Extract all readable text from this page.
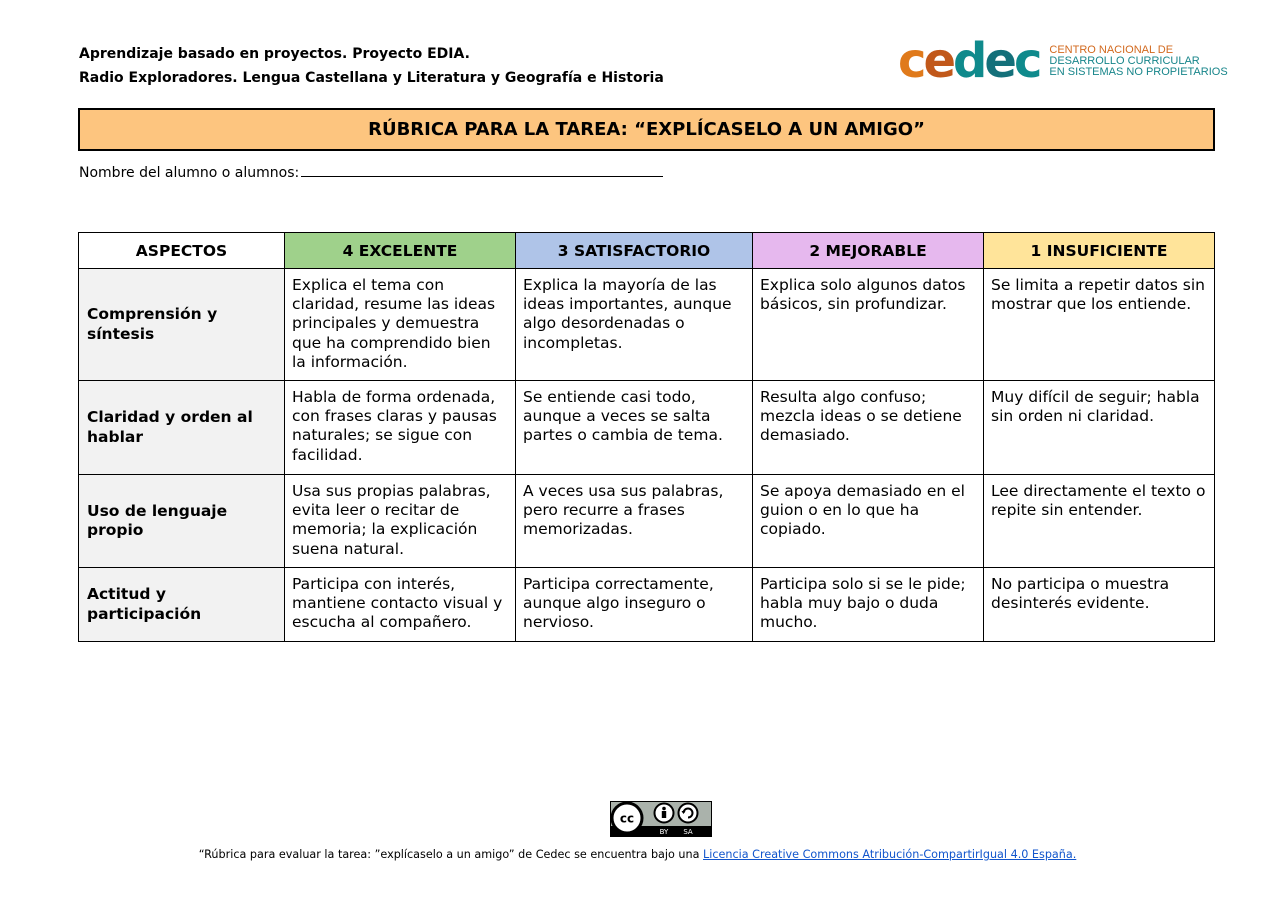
Aprendizaje basado en proyectos. Proyecto EDIA.
Radio Exploradores. Lengua Castellana y Literatura y Geografía e Historia	cedec CENTRO NACIONAL DE
DESARROLLO CURRICULAR
EN SISTEMAS NO PROPIETARIOS
RÚBRICA PARA LA TAREA: “EXPLÍCASELO A UN AMIGO”
Nombre del alumno o alumnos:
ASPECTOS	4 EXCELENTE	3 SATISFACTORIO	2 MEJORABLE	1 INSUFICIENTE
Comprensión y síntesis	Explica el tema con claridad, resume las ideas principales y demuestra que ha comprendido bien la información.	Explica la mayoría de las ideas importantes, aunque algo desordenadas o incompletas.	Explica solo algunos datos básicos, sin profundizar.	Se limita a repetir datos sin mostrar que los entiende.
Claridad y orden al hablar	Habla de forma ordenada, con frases claras y pausas naturales; se sigue con facilidad.	Se entiende casi todo, aunque a veces se salta partes o cambia de tema.	Resulta algo confuso; mezcla ideas o se detiene demasiado.	Muy difícil de seguir; habla sin orden ni claridad.
Uso de lenguaje propio	Usa sus propias palabras, evita leer o recitar de memoria; la explicación suena natural.	A veces usa sus palabras, pero recurre a frases memorizadas.	Se apoya demasiado en el guion o en lo que ha copiado.	Lee directamente el texto o repite sin entender.
Actitud y participación	Participa con interés, mantiene contacto visual y escucha al compañero.	Participa correctamente, aunque algo inseguro o nervioso.	Participa solo si se le pide; habla muy bajo o duda mucho.	No participa o muestra desinterés evidente.
cc
BY SA
“Rúbrica para evaluar la tarea: ”explícaselo a un amigo” de Cedec se encuentra bajo una Licencia Creative Commons Atribución-CompartirIgual 4.0 España.
